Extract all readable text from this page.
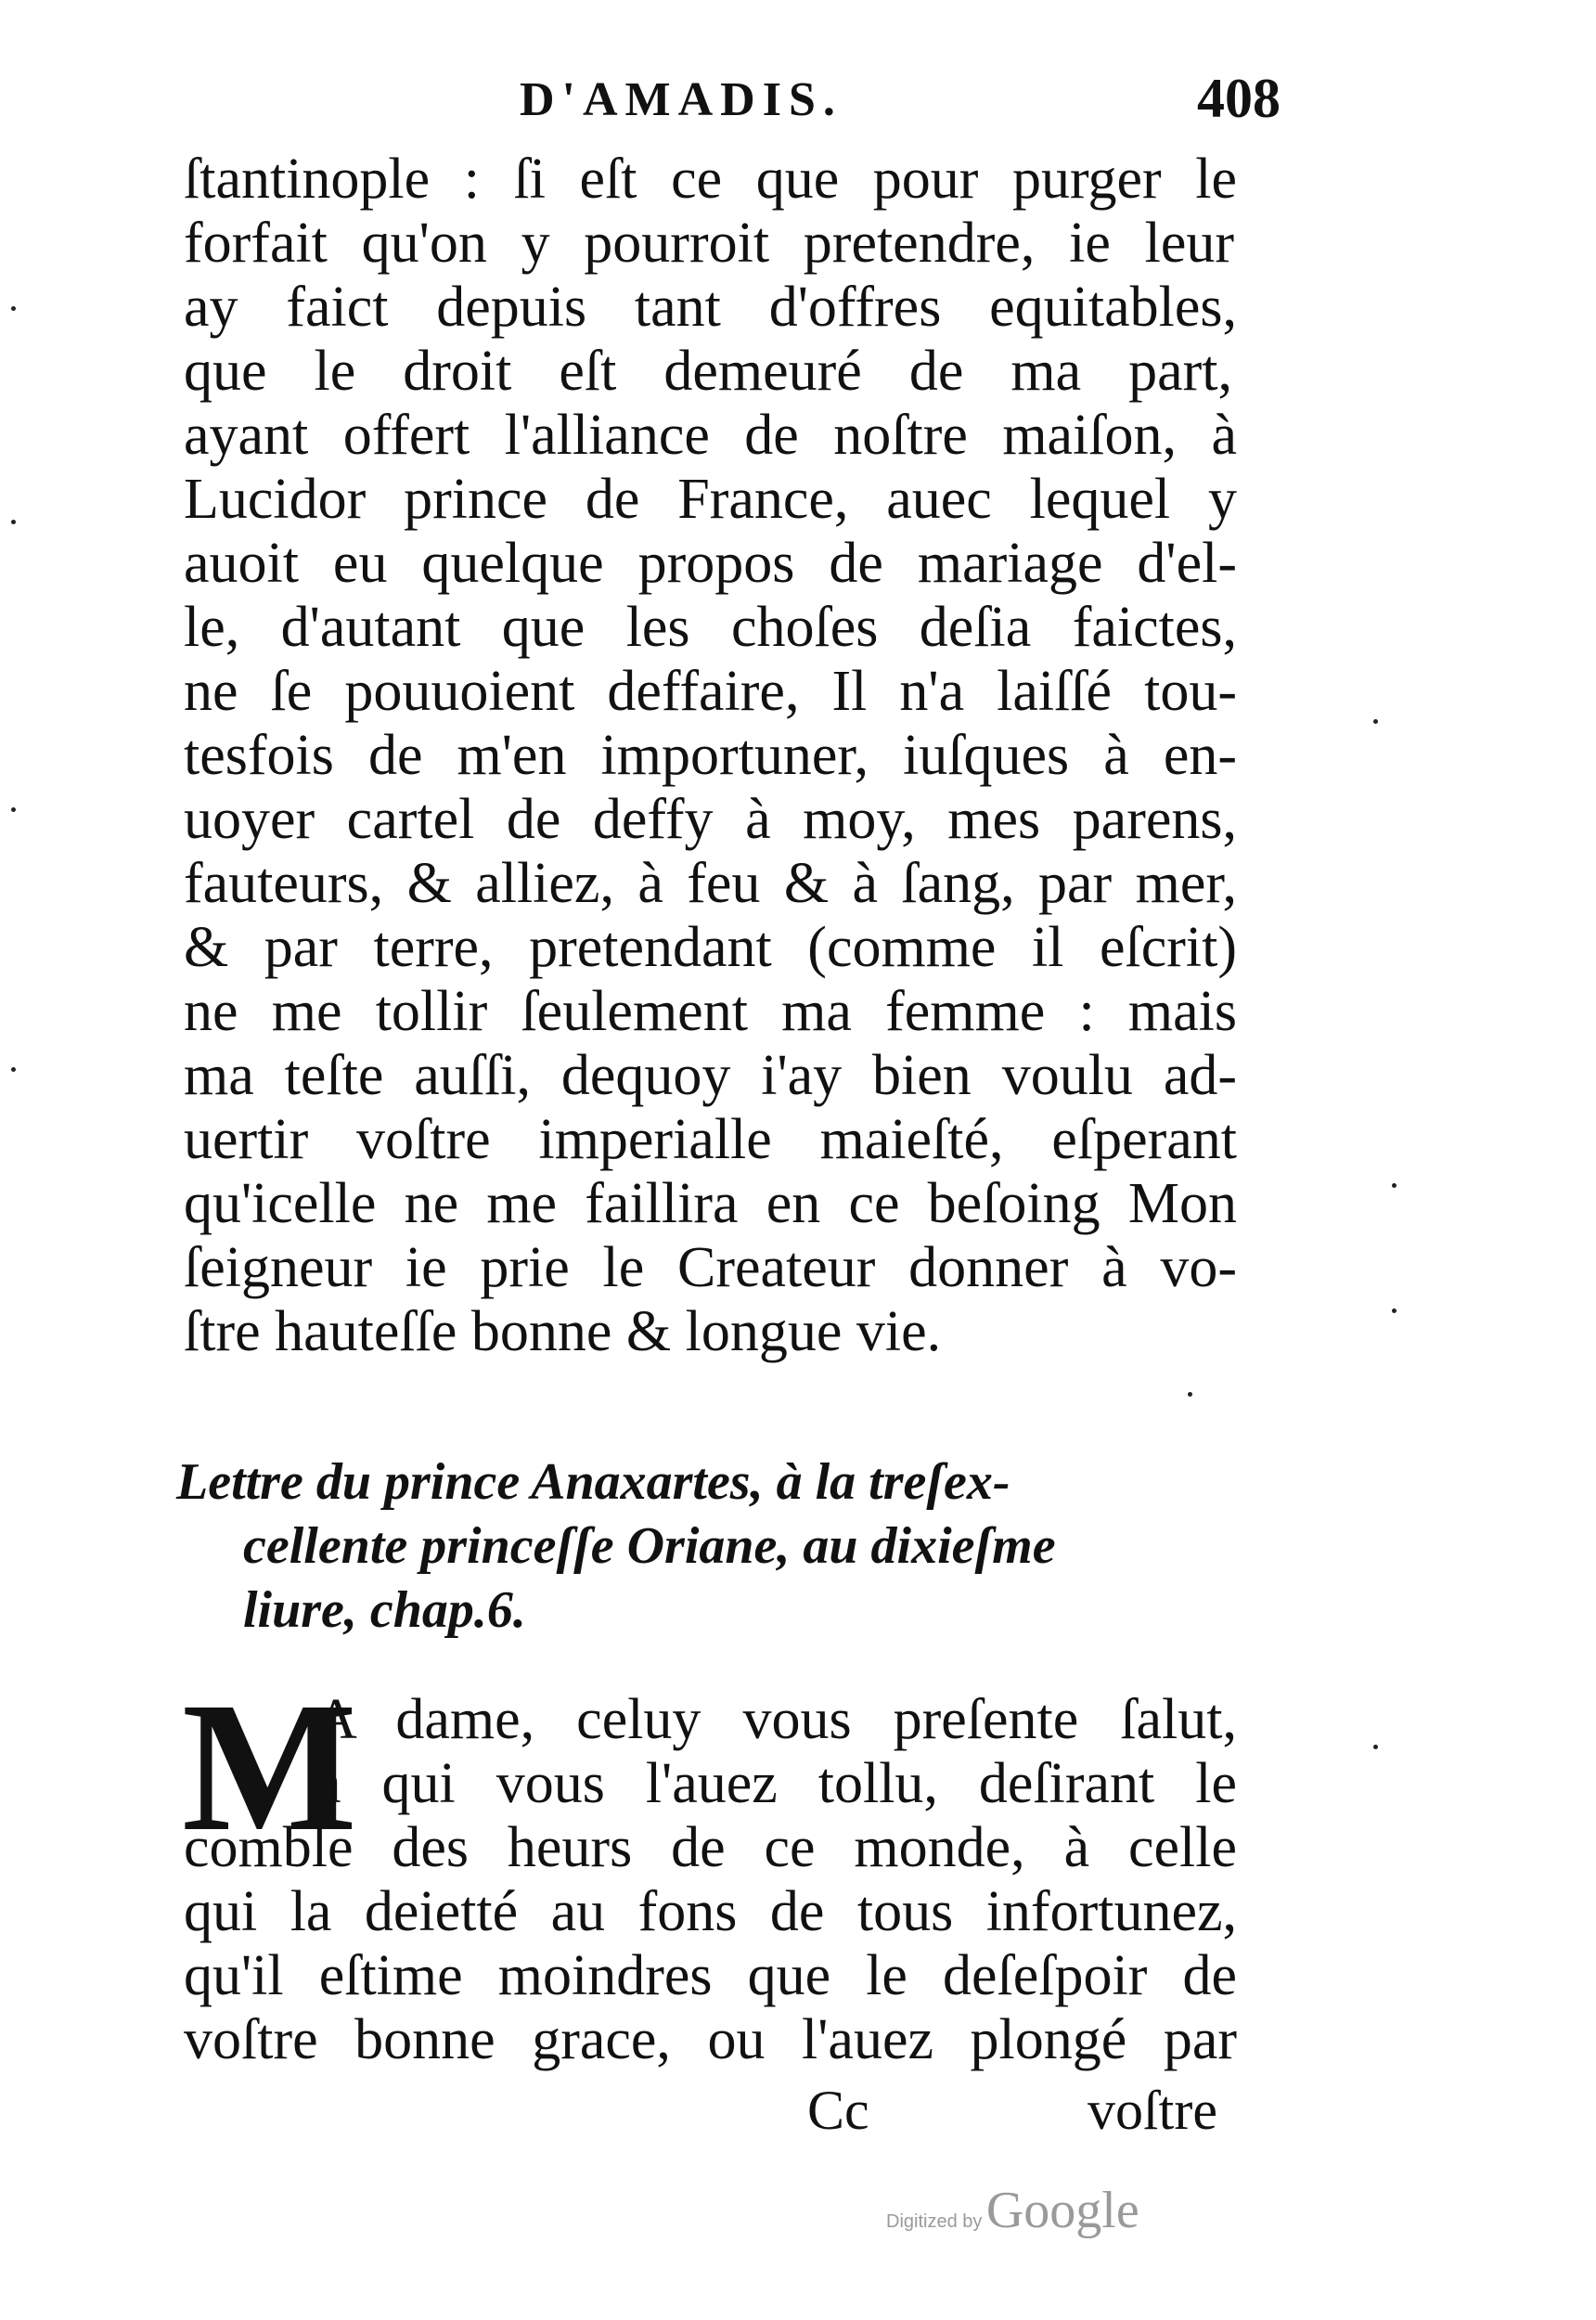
D'AMADIS.	408
ſtantinople : ſi eſt ce que pour purger le
forfait qu'on y pourroit pretendre, ie leur
ay faict depuis tant d'offres equitables,
que le droit eſt demeuré de ma part,
ayant offert l'alliance de noſtre maiſon, à
Lucidor prince de France, auec lequel y
auoit eu quelque propos de mariage d'el-
le, d'autant que les choſes deſia faictes,
ne ſe pouuoient deffaire, Il n'a laiſſé tou-
tesfois de m'en importuner, iuſques à en-
uoyer cartel de deffy à moy, mes parens,
fauteurs, & alliez, à feu & à ſang, par mer,
& par terre, pretendant (comme il eſcrit)
ne me tollir ſeulement ma femme : mais
ma teſte auſſi, dequoy i'ay bien voulu ad-
uertir voſtre imperialle maieſté, eſperant
qu'icelle ne me faillira en ce beſoing Mon
ſeigneur ie prie le Createur donner à vo-
ſtre hauteſſe bonne & longue vie.
Lettre du prince Anaxartes, à la treſex-
cellente princeſſe Oriane, au dixieſme
liure, chap.6.
M
A dame, celuy vous preſente ſalut,
à qui vous l'auez tollu, deſirant le
comble des heurs de ce monde, à celle
qui la deietté au fons de tous infortunez,
qu'il eſtime moindres que le deſeſpoir de
voſtre bonne grace, ou l'auez plongé par
Cc	voſtre
Digitized by Google
